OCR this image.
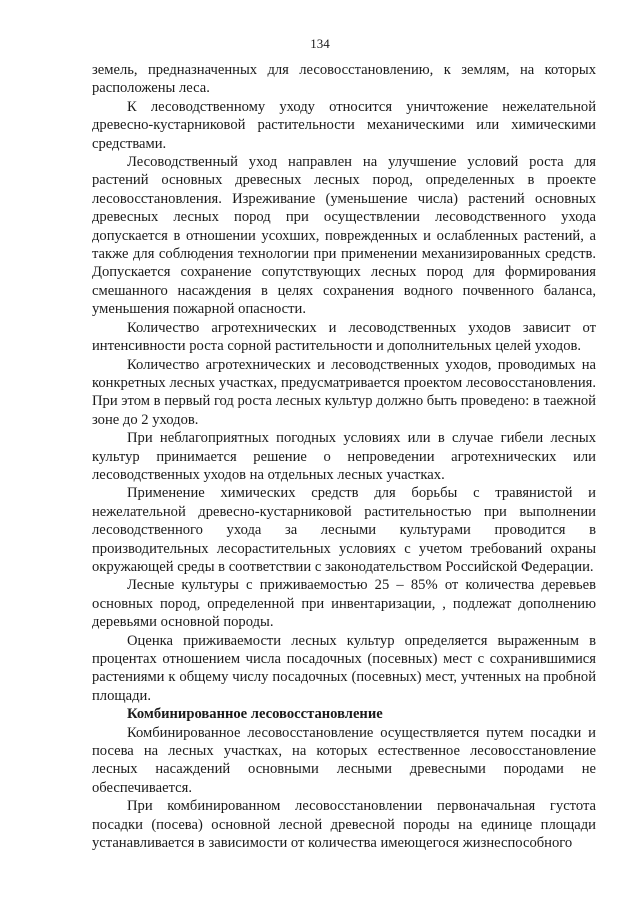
134

земель, предназначенных для лесовосстановлению, к землям, на которых расположены леса.

К лесоводственному уходу относится уничтожение нежелательной древесно-кустарниковой растительности механическими или химическими средствами.

Лесоводственный уход направлен на улучшение условий роста для растений основных древесных лесных пород, определенных в проекте лесовосстановления. Изреживание (уменьшение числа) растений основных древесных лесных пород при осуществлении лесоводственного ухода допускается в отношении усохших, поврежденных и ослабленных растений, а также для соблюдения технологии при применении механизированных средств. Допускается сохранение сопутствующих лесных пород для формирования смешанного насаждения в целях сохранения водного почвенного баланса, уменьшения пожарной опасности.

Количество агротехнических и лесоводственных уходов зависит от интенсивности роста сорной растительности и дополнительных целей уходов.

Количество агротехнических и лесоводственных уходов, проводимых на конкретных лесных участках, предусматривается проектом лесовосстановления. При этом в первый год роста лесных культур должно быть проведено: в таежной зоне до 2 уходов.

При неблагоприятных погодных условиях или в случае гибели лесных культур принимается решение о непроведении агротехнических или лесоводственных уходов на отдельных лесных участках.

Применение химических средств для борьбы с травянистой и нежелательной древесно-кустарниковой растительностью при выполнении лесоводственного ухода за лесными культурами проводится в производительных лесорастительных условиях с учетом требований охраны окружающей среды в соответствии с законодательством Российской Федерации.

Лесные культуры с приживаемостью 25 – 85% от количества деревьев основных пород, определенной при инвентаризации, , подлежат дополнению деревьями основной породы.

Оценка приживаемости лесных культур определяется выраженным в процентах отношением числа посадочных (посевных) мест с сохранившимися растениями к общему числу посадочных (посевных) мест, учтенных на пробной площади.

Комбинированное лесовосстановление

Комбинированное лесовосстановление осуществляется путем посадки и посева на лесных участках, на которых естественное лесовосстановление лесных насаждений основными лесными древесными породами не обеспечивается.

При комбинированном лесовосстановлении первоначальная густота посадки (посева) основной лесной древесной породы на единице площади устанавливается в зависимости от количества имеющегося жизнеспособного
